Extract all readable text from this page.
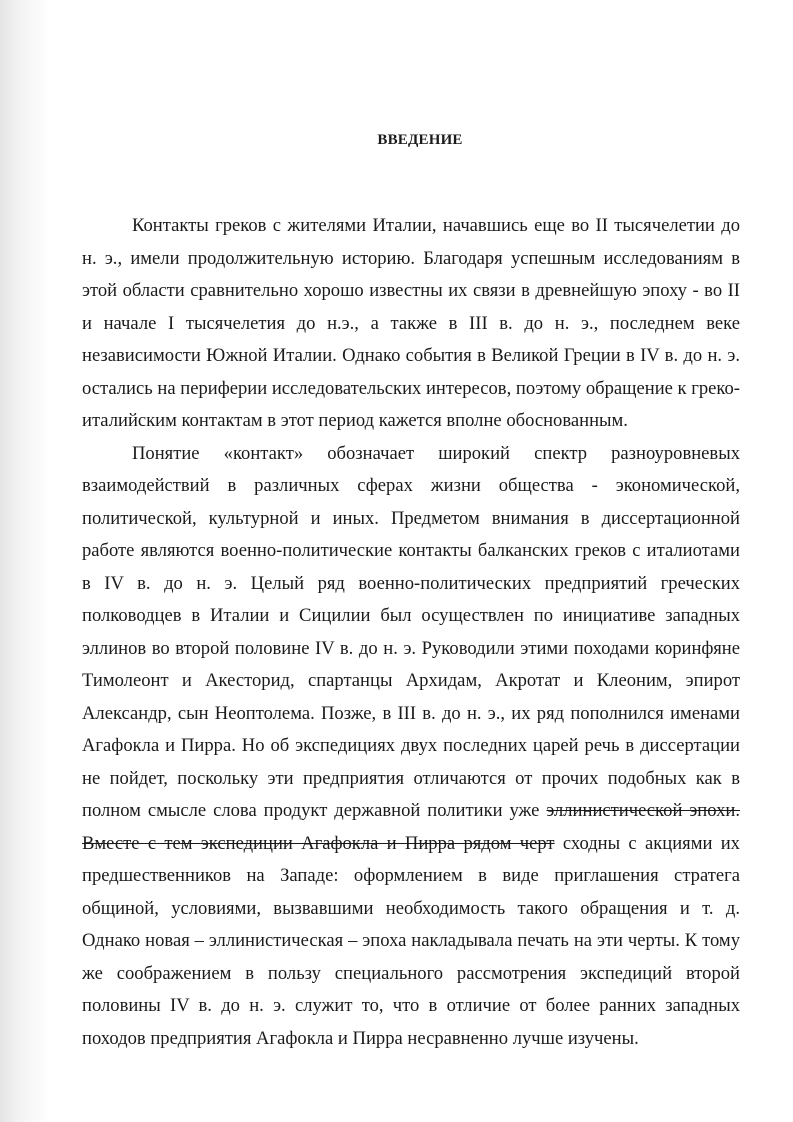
ВВЕДЕНИЕ

Контакты греков с жителями Италии, начавшись еще во II тысячелетии до н. э., имели продолжительную историю. Благодаря успешным исследованиям в этой области сравнительно хорошо известны их связи в древнейшую эпоху - во II и начале I тысячелетия до н.э., а также в III в. до н. э., последнем веке независимости Южной Италии. Однако события в Великой Греции в IV в. до н. э. остались на периферии исследовательских интересов, поэтому обращение к греко-италийским контактам в этот период кажется вполне обоснованным.

Понятие «контакт» обозначает широкий спектр разноуровневых взаимодействий в различных сферах жизни общества - экономической, политической, культурной и иных. Предметом внимания в диссертационной работе являются военно-политические контакты балканских греков с италиотами в IV в. до н. э. Целый ряд военно-политических предприятий греческих полководцев в Италии и Сицилии был осуществлен по инициативе западных эллинов во второй половине IV в. до н. э. Руководили этими походами коринфяне Тимолеонт и Акесторид, спартанцы Архидам, Акротат и Клеоним, эпирот Александр, сын Неоптолема. Позже, в III в. до н. э., их ряд пополнился именами Агафокла и Пирра. Но об экспедициях двух последних царей речь в диссертации не пойдет, поскольку эти предприятия отличаются от прочих подобных как в полном смысле слова продукт державной политики уже эллинистической эпохи. Вместе с тем экспедиции Агафокла и Пирра рядом черт сходны с акциями их предшественников на Западе: оформлением в виде приглашения стратега общиной, условиями, вызвавшими необходимость такого обращения и т. д. Однако новая – эллинистическая – эпоха накладывала печать на эти черты. К тому же соображением в пользу специального рассмотрения экспедиций второй половины IV в. до н. э. служит то, что в отличие от более ранних западных походов предприятия Агафокла и Пирра несравненно лучше изучены.
